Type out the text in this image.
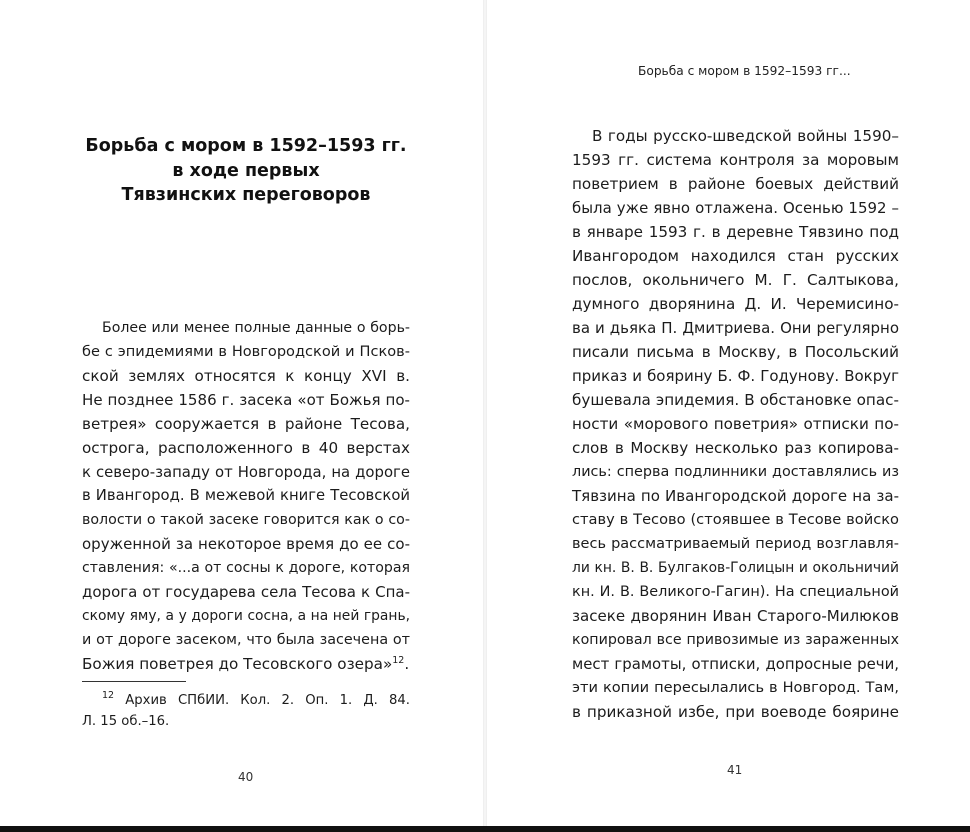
Борьба с мором в 1592–1593 гг.
в ходе первых
Тявзинских переговоров
Более или менее полные данные о борь-
бе с эпидемиями в Новгородской и Псков-
ской землях относятся к концу XVI в.
Не позднее 1586 г. засека «от Божья по-
ветрея» сооружается в районе Тесова,
острога, расположенного в 40 верстах
к северо-западу от Новгорода, на дороге
в Ивангород. В межевой книге Тесовской
волости о такой засеке говорится как о со-
оруженной за некоторое время до ее со-
ставления: «...а от сосны к дороге, которая
дорога от государева села Тесова к Спа-
скому яму, а у дороги сосна, а на ней грань,
и от дороге засеком, что была засечена от
Божия поветрея до Тесовского озера»$^{12}$.
$^{12}$ Архив СПбИИ. Кол. 2. Оп. 1. Д. 84.
Л. 15 об.–16.
40
Борьба с мором в 1592–1593 гг...
В годы русско-шведской войны 1590–
1593 гг. система контроля за моровым
поветрием в районе боевых действий
была уже явно отлажена. Осенью 1592 –
в январе 1593 г. в деревне Тявзино под
Ивангородом находился стан русских
послов, окольничего М. Г. Салтыкова,
думного дворянина Д. И. Черемисино-
ва и дьяка П. Дмитриева. Они регулярно
писали письма в Москву, в Посольский
приказ и боярину Б. Ф. Годунову. Вокруг
бушевала эпидемия. В обстановке опас-
ности «морового поветрия» отписки по-
слов в Москву несколько раз копирова-
лись: сперва подлинники доставлялись из
Тявзина по Ивангородской дороге на за-
ставу в Тесово (стоявшее в Тесове войско
весь рассматриваемый период возглавля-
ли кн. В. В. Булгаков-Голицын и окольничий
кн. И. В. Великого-Гагин). На специальной
засеке дворянин Иван Старого-Милюков
копировал все привозимые из зараженных
мест грамоты, отписки, допросные речи,
эти копии пересылались в Новгород. Там,
в приказной избе, при воеводе боярине
41
